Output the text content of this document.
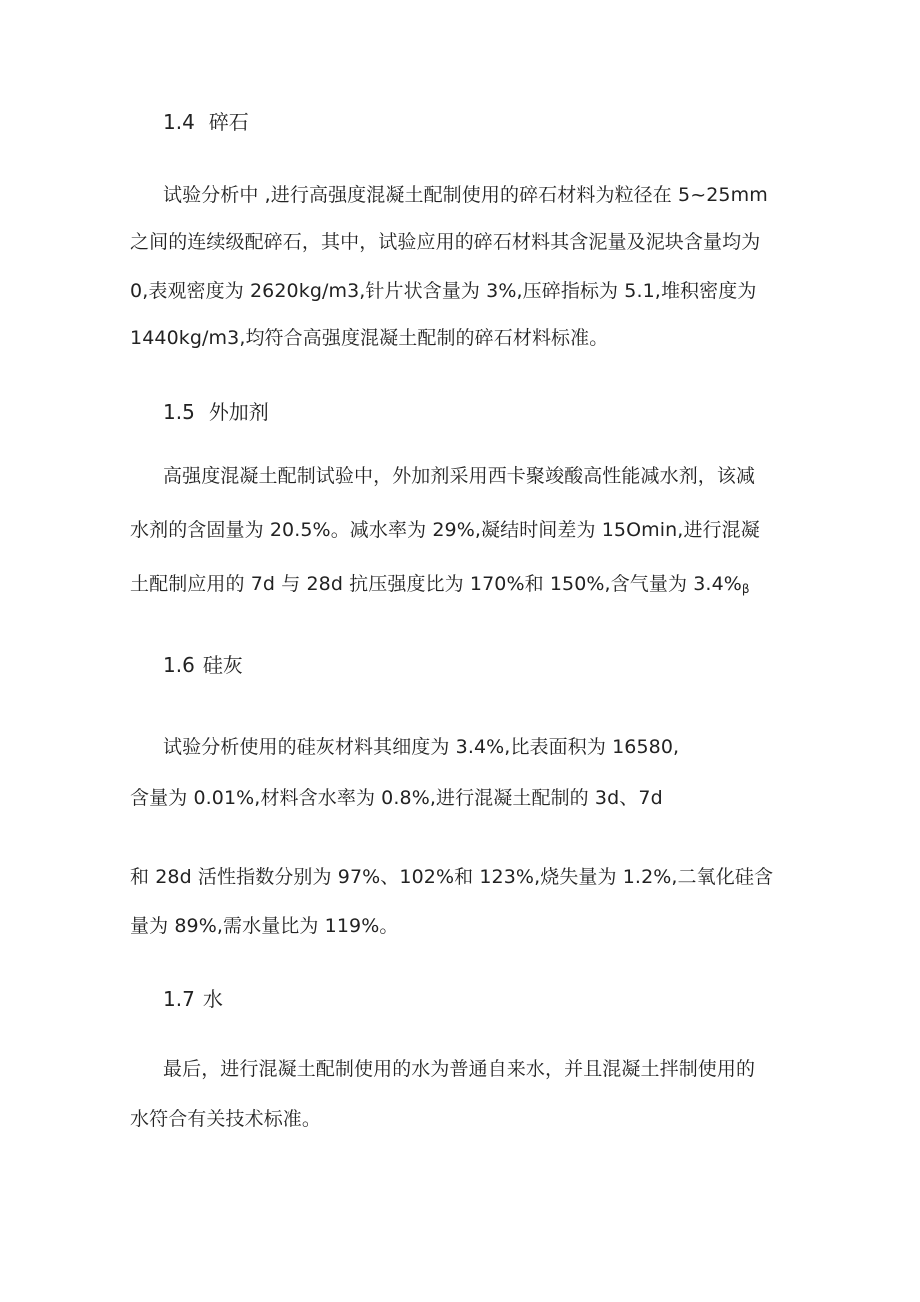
1.4 碎石
试验分析中 ,进行高强度混凝土配制使用的碎石材料为粒径在 5~25mm
之间的连续级配碎石，其中，试验应用的碎石材料其含泥量及泥块含量均为
0,表观密度为 2620kg/m3,针片状含量为 3%,压碎指标为 5.1,堆积密度为
1440kg/m3,均符合高强度混凝土配制的碎石材料标准。
1.5 外加剂
高强度混凝土配制试验中，外加剂采用西卡聚竣酸高性能减水剂，该减
水剂的含固量为 20.5%。减水率为 29%,凝结时间差为 15Omin,进行混凝
土配制应用的 7d 与 28d 抗压强度比为 170%和 150%,含气量为 $3.4\%_\beta$
1.6 硅灰
试验分析使用的硅灰材料其细度为 3.4%,比表面积为 16580,
含量为 0.01%,材料含水率为 0.8%,进行混凝土配制的 3d、7d
和 28d 活性指数分别为 97%、102%和 123%,烧失量为 1.2%,二氧化硅含
量为 89%,需水量比为 119%。
1.7 水
最后，进行混凝土配制使用的水为普通自来水，并且混凝土拌制使用的
水符合有关技术标准。
